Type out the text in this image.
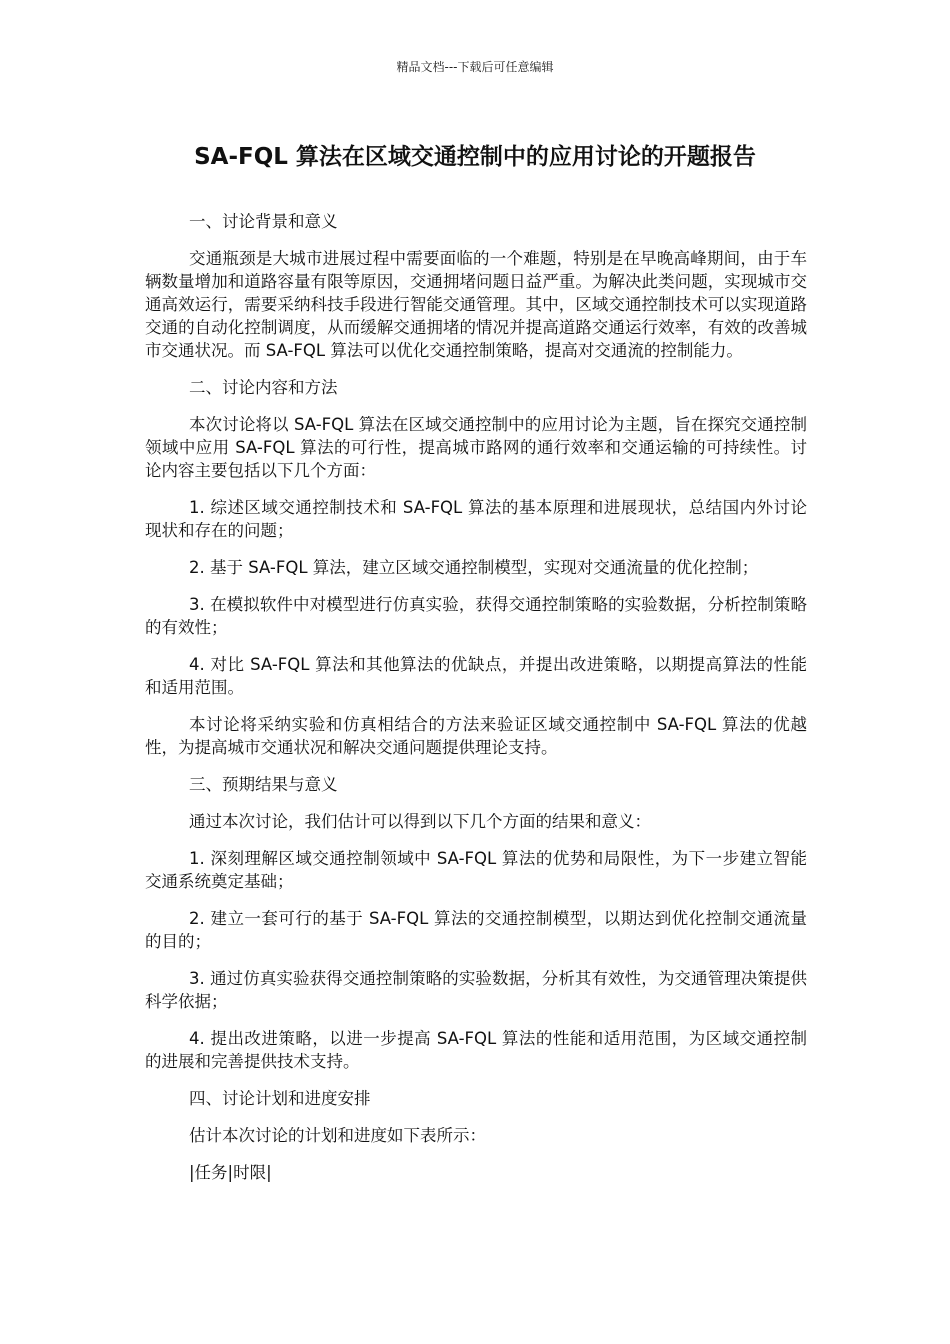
精品文档---下载后可任意编辑
SA-FQL 算法在区域交通控制中的应用讨论的开题报告

一、讨论背景和意义

交通瓶颈是大城市进展过程中需要面临的一个难题，特别是在早晚高峰期间，由于车辆数量增加和道路容量有限等原因，交通拥堵问题日益严重。为解决此类问题，实现城市交通高效运行，需要采纳科技手段进行智能交通管理。其中，区域交通控制技术可以实现道路交通的自动化控制调度，从而缓解交通拥堵的情况并提高道路交通运行效率，有效的改善城市交通状况。而 SA-FQL 算法可以优化交通控制策略，提高对交通流的控制能力。

二、讨论内容和方法

本次讨论将以 SA-FQL 算法在区域交通控制中的应用讨论为主题，旨在探究交通控制领域中应用 SA-FQL 算法的可行性，提高城市路网的通行效率和交通运输的可持续性。讨论内容主要包括以下几个方面：

1. 综述区域交通控制技术和 SA-FQL 算法的基本原理和进展现状，总结国内外讨论现状和存在的问题；

2. 基于 SA-FQL 算法，建立区域交通控制模型，实现对交通流量的优化控制；

3. 在模拟软件中对模型进行仿真实验，获得交通控制策略的实验数据，分析控制策略的有效性；

4. 对比 SA-FQL 算法和其他算法的优缺点，并提出改进策略，以期提高算法的性能和适用范围。

本讨论将采纳实验和仿真相结合的方法来验证区域交通控制中 SA-FQL 算法的优越性，为提高城市交通状况和解决交通问题提供理论支持。

三、预期结果与意义

通过本次讨论，我们估计可以得到以下几个方面的结果和意义：

1. 深刻理解区域交通控制领域中 SA-FQL 算法的优势和局限性，为下一步建立智能交通系统奠定基础；

2. 建立一套可行的基于 SA-FQL 算法的交通控制模型，以期达到优化控制交通流量的目的；

3. 通过仿真实验获得交通控制策略的实验数据，分析其有效性，为交通管理决策提供科学依据；

4. 提出改进策略，以进一步提高 SA-FQL 算法的性能和适用范围，为区域交通控制的进展和完善提供技术支持。

四、讨论计划和进度安排

估计本次讨论的计划和进度如下表所示：

|任务|时限|
